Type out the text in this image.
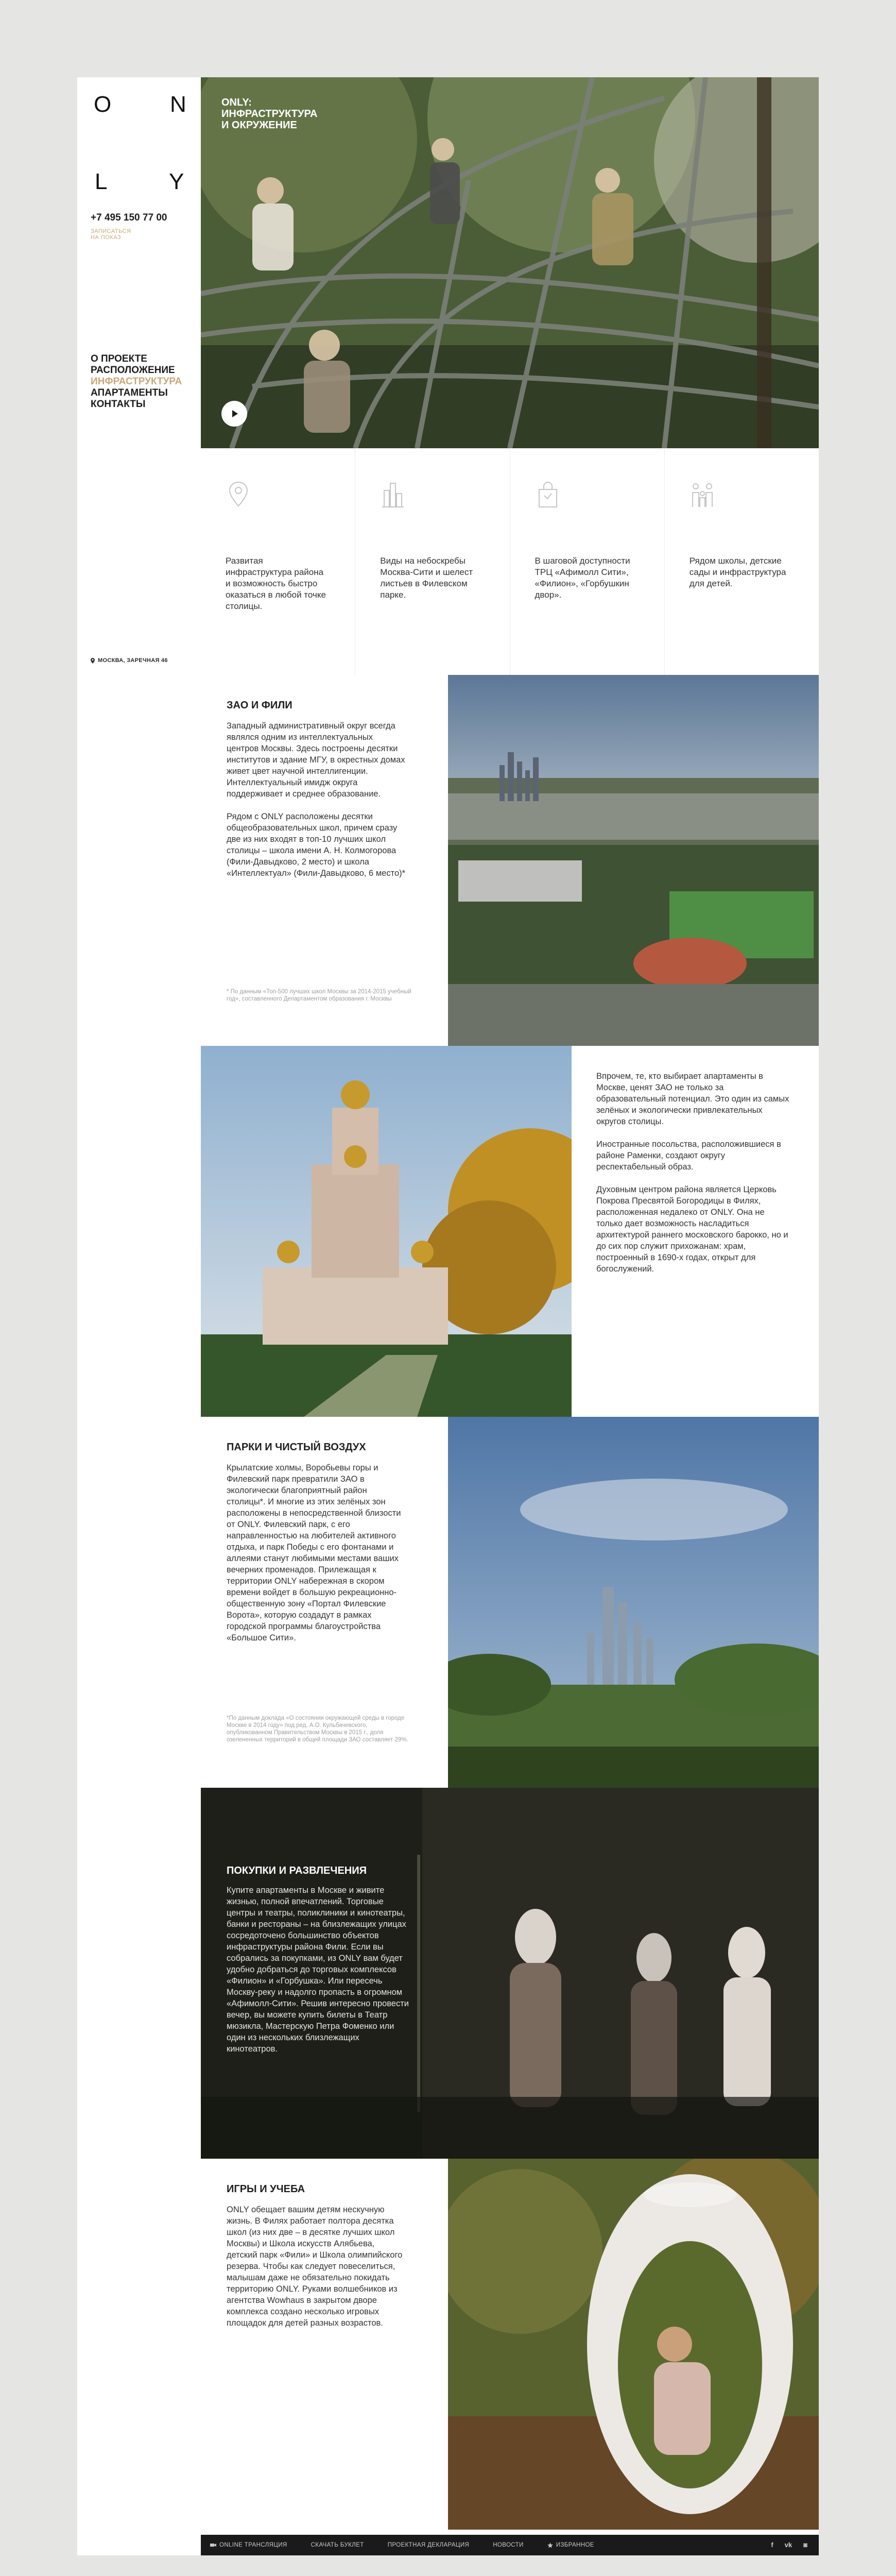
O	N
L	Y
+7 495 150 77 00
ЗАПИСАТЬСЯ НА ПОКАЗ
О ПРОЕКТЕ
РАСПОЛОЖЕНИЕ
ИНФРАСТРУКТУРА
АПАРТАМЕНТЫ
КОНТАКТЫ
МОСКВА, ЗАРЕЧНАЯ 46
ONLY:
ИНФРАСТРУКТУРА
И ОКРУЖЕНИЕ
Развитая инфраструктура района и возможность быстро оказаться в любой точке столицы.
Виды на небоскребы Москва-Сити и шелест листьев в Филевском парке.
В шаговой доступности ТРЦ «Афимолл Сити», «Филион», «Горбушкин двор».
Рядом школы, детские сады и инфраструктура для детей.
ЗАО И ФИЛИ

Западный административный округ всегда являлся одним из интеллектуальных центров Москвы. Здесь построены десятки институтов и здание МГУ, в окрестных домах живет цвет научной интеллигенции. Интеллектуальный имидж округа поддерживает и среднее образование.

Рядом с ONLY расположены десятки общеобразовательных школ, причем сразу две из них входят в топ-10 лучших школ столицы – школа имени А. Н. Колмогорова (Фили-Давыдково, 2 место) и школа «Интеллектуал» (Фили-Давыдково, 6 место)*

* По данным «Топ-500 лучших школ Москвы за 2014-2015 учебный год», составленного Департаментом образования г. Москвы

Впрочем, те, кто выбирает апартаменты в Москве, ценят ЗАО не только за образовательный потенциал. Это один из самых зелёных и экологически привлекательных округов столицы.

Иностранные посольства, расположившиеся в районе Раменки, создают округу респектабельный образ.

Духовным центром района является Церковь Покрова Пресвятой Богородицы в Филях, расположенная недалеко от ONLY. Она не только дает возможность насладиться архитектурой раннего московского барокко, но и до сих пор служит прихожанам: храм, построенный в 1690-х годах, открыт для богослужений.

ПАРКИ И ЧИСТЫЙ ВОЗДУХ

Крылатские холмы, Воробьевы горы и Филевский парк превратили ЗАО в экологически благоприятный район столицы*. И многие из этих зелёных зон расположены в непосредственной близости от ONLY. Филевский парк, с его направленностью на любителей активного отдыха, и парк Победы с его фонтанами и аллеями станут любимыми местами ваших вечерних променадов. Прилежащая к территории ONLY набережная в скором времени войдет в большую рекреационно-общественную зону «Портал Филевские Ворота», которую создадут в рамках городской программы благоустройства «Большое Сити».

*По данным доклада «О состоянии окружающей среды в городе Москве в 2014 году» под ред. А.О. Кульбачевского, опубликованном Правительством Москвы в 2015 г., доля озелененных территорий в общей площади ЗАО составляет 29%.
ПОКУПКИ И РАЗВЛЕЧЕНИЯ

Купите апартаменты в Москве и живите жизнью, полной впечатлений. Торговые центры и театры, поликлиники и кинотеатры, банки и рестораны – на близлежащих улицах сосредоточено большинство объектов инфраструктуры района Фили. Если вы собрались за покупками, из ONLY вам будет удобно добраться до торговых комплексов «Филион» и «Горбушка». Или пересечь Москву-реку и надолго пропасть в огромном «Афимолл-Сити». Решив интересно провести вечер, вы можете купить билеты в Театр мюзикла, Мастерскую Петра Фоменко или один из нескольких близлежащих кинотеатров.

ИГРЫ И УЧЕБА

ONLY обещает вашим детям нескучную жизнь. В Филях работает полтора десятка школ (из них две – в десятке лучших школ Москвы) и Школа искусств Алябьева, детский парк «Фили» и Школа олимпийского резерва. Чтобы как следует повеселиться, малышам даже не обязательно покидать территорию ONLY. Руками волшебников из агентства Wowhaus в закрытом дворе комплекса создано несколько игровых площадок для детей разных возрастов.

ONLINE ТРАНСЛЯЦИЯ	СКАЧАТЬ БУКЛЕТ	ПРОЕКТНАЯ ДЕКЛАРАЦИЯ	НОВОСТИ	ИЗБРАННОЕ	f vk ◙
